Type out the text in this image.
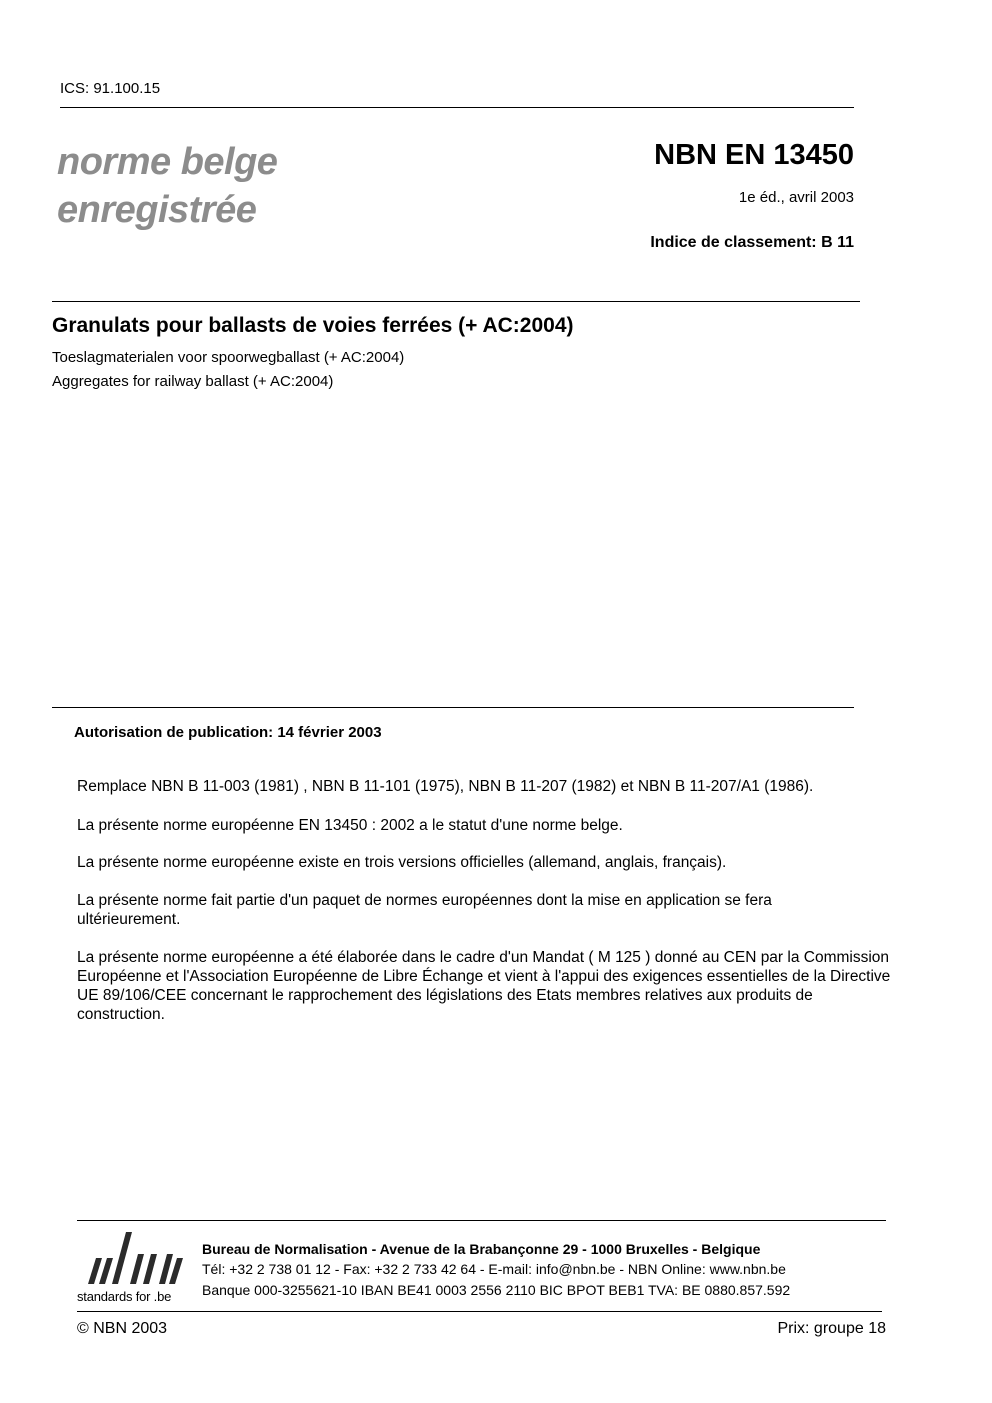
ICS: 91.100.15
norme belge
enregistrée
NBN EN 13450
1e éd., avril 2003
Indice de classement: B 11
Granulats pour ballasts de voies ferrées (+ AC:2004)
Toeslagmaterialen voor spoorwegballast (+ AC:2004)
Aggregates for railway ballast (+ AC:2004)
Autorisation de publication: 14 février 2003
Remplace NBN B 11-003 (1981) , NBN B 11-101 (1975), NBN B 11-207 (1982) et NBN B 11-207/A1 (1986).
La présente norme européenne EN 13450 : 2002 a le statut d'une norme belge.
La présente norme européenne existe en trois versions officielles (allemand, anglais, français).
La présente norme fait partie d'un paquet de normes européennes dont la mise en application se fera ultérieurement.
La présente norme européenne a été élaborée dans le cadre d'un Mandat ( M 125 ) donné au CEN par la Commission Européenne et l'Association Européenne de Libre Échange et vient à l'appui des exigences essentielles de la Directive UE 89/106/CEE concernant le rapprochement des législations des Etats membres relatives aux produits de construction.
standards for .be
Bureau de Normalisation - Avenue de la Brabançonne 29 - 1000 Bruxelles - Belgique
Tél: +32 2 738 01 12 - Fax: +32 2 733 42 64 - E-mail: info@nbn.be - NBN Online: www.nbn.be
Banque 000-3255621-10 IBAN BE41 0003 2556 2110 BIC BPOT BEB1 TVA: BE 0880.857.592
© NBN 2003	Prix: groupe 18
